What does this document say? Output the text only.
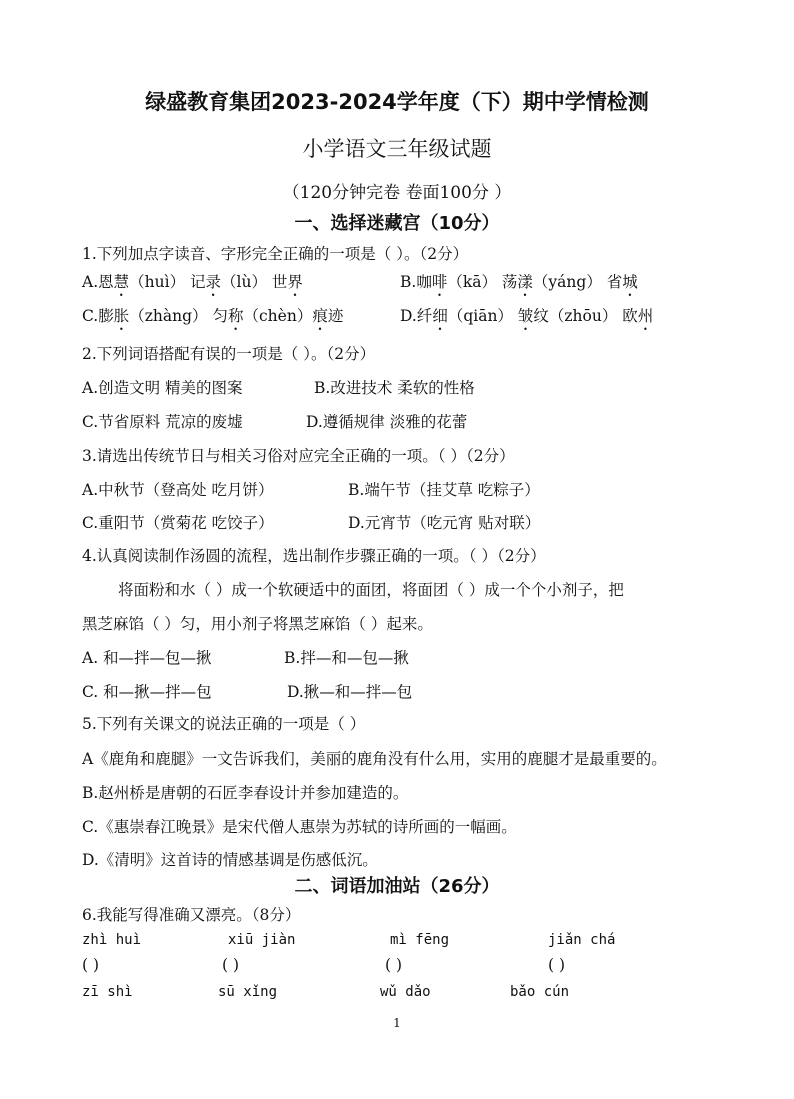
绿盛教育集团2023-2024学年度（下）期中学情检测
小学语文三年级试题
（120分钟完卷 卷面100分 ）
一、选择迷藏宫（10分）
1.下列加点字读音、字形完全正确的一项是（ ）。（2分）
A.恩慧（huì） 记录（lù） 世界	B.咖啡（kā） 荡漾（yáng） 省城
C.膨胀（zhàng） 匀称（chèn）痕迹	D.纤细（qiān） 皱纹（zhōu） 欧州
2.下列词语搭配有误的一项是（ ）。（2分）
A.创造文明 精美的图案	B.改进技术 柔软的性格
C.节省原料 荒凉的废墟	D.遵循规律 淡雅的花蕾
3.请选出传统节日与相关习俗对应完全正确的一项。（ ）（2分）
A.中秋节（登高处 吃月饼）	B.端午节（挂艾草 吃粽子）
C.重阳节（赏菊花 吃饺子）	D.元宵节（吃元宵 贴对联）
4.认真阅读制作汤圆的流程，选出制作步骤正确的一项。（ ）（2分）
将面粉和水（ ）成一个软硬适中的面团，将面团（ ）成一个个小剂子，把
黑芝麻馅（ ）匀，用小剂子将黑芝麻馅（ ）起来。
A. 和—拌—包—揪	B.拌—和—包—揪
C. 和—揪—拌—包	D.揪—和—拌—包
5.下列有关课文的说法正确的一项是（ ）
A《鹿角和鹿腿》一文告诉我们，美丽的鹿角没有什么用，实用的鹿腿才是最重要的。
B.赵州桥是唐朝的石匠李春设计并参加建造的。
C.《惠崇春江晚景》是宋代僧人惠崇为苏轼的诗所画的一幅画。
D.《清明》这首诗的情感基调是伤感低沉。
二、词语加油站（26分）
6.我能写得准确又漂亮。（8分）
zhì huì	xiū jiàn	mì fēng	jiǎn chá
( )	( )	( )	( )
zī shì	sū xǐng	wǔ dǎo	bǎo cún
1
